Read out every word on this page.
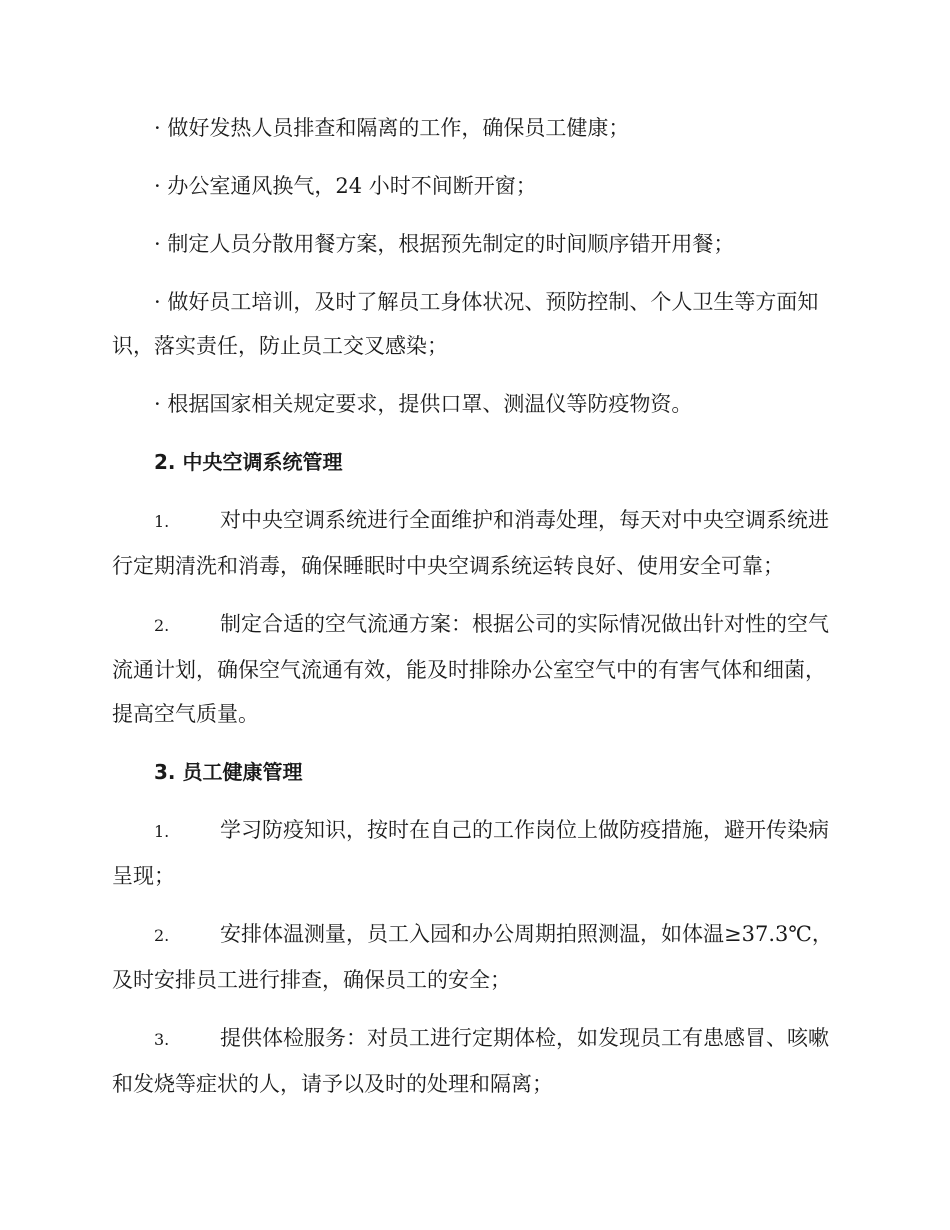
· 做好发热人员排查和隔离的工作，确保员工健康；

· 办公室通风换气，24 小时不间断开窗；

· 制定人员分散用餐方案，根据预先制定的时间顺序错开用餐；

· 做好员工培训，及时了解员工身体状况、预防控制、个人卫生等方面知识，落实责任，防止员工交叉感染；

· 根据国家相关规定要求，提供口罩、测温仪等防疫物资。

2. 中央空调系统管理

1. 对中央空调系统进行全面维护和消毒处理，每天对中央空调系统进行定期清洗和消毒，确保睡眠时中央空调系统运转良好、使用安全可靠；

2. 制定合适的空气流通方案：根据公司的实际情况做出针对性的空气流通计划，确保空气流通有效，能及时排除办公室空气中的有害气体和细菌，提高空气质量。

3. 员工健康管理

1. 学习防疫知识，按时在自己的工作岗位上做防疫措施，避开传染病呈现；

2. 安排体温测量，员工入园和办公周期拍照测温，如体温≥37.3℃，及时安排员工进行排查，确保员工的安全；

3. 提供体检服务：对员工进行定期体检，如发现员工有患感冒、咳嗽和发烧等症状的人，请予以及时的处理和隔离；
